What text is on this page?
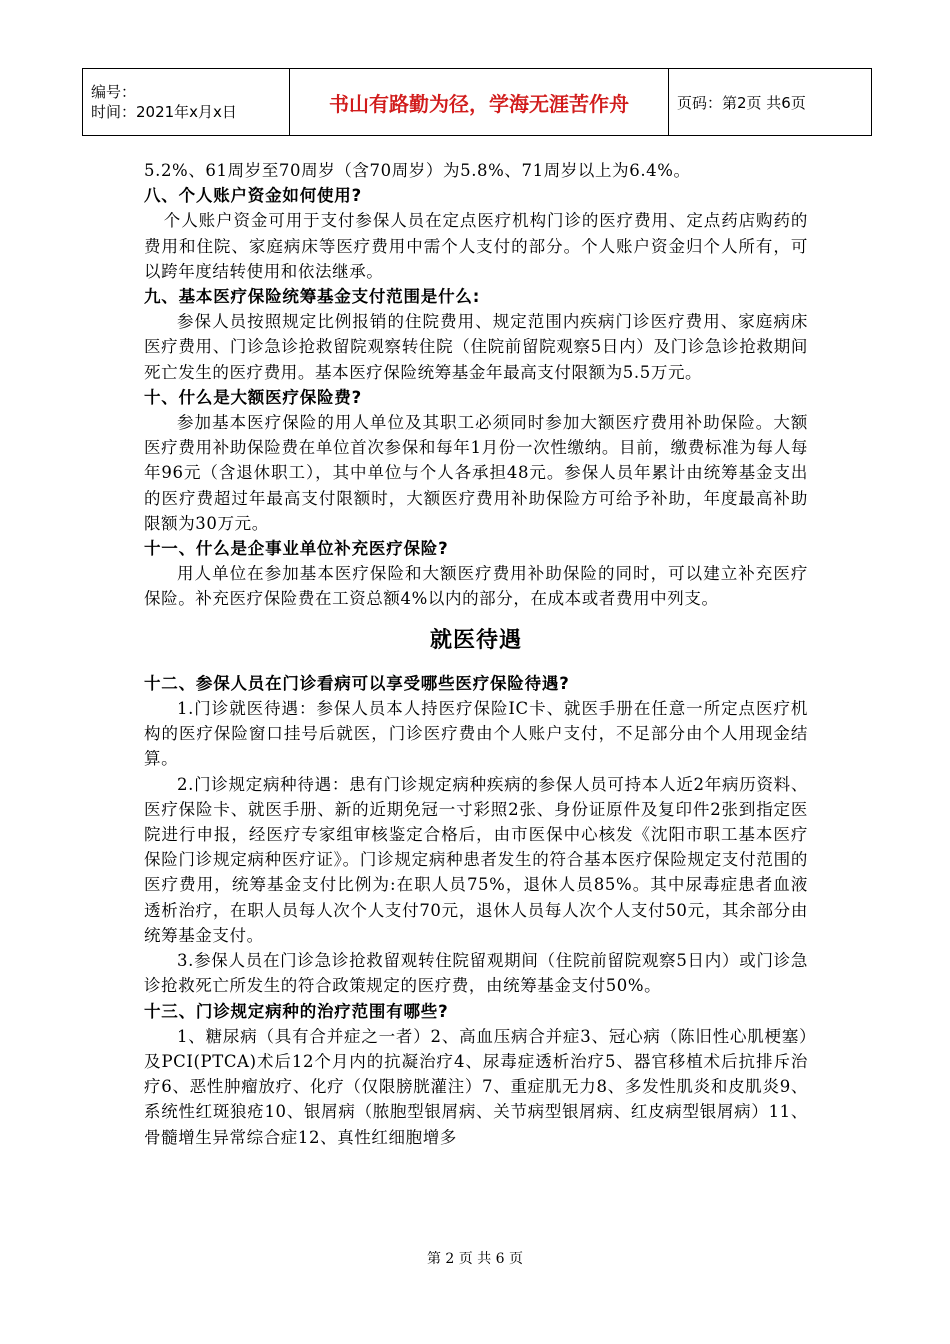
编号：
时间：2021年x月x日	书山有路勤为径，学海无涯苦作舟	页码：第2页 共6页

5.2%、61周岁至70周岁（含70周岁）为5.8%、71周岁以上为6.4%。

八、个人账户资金如何使用?

个人账户资金可用于支付参保人员在定点医疗机构门诊的医疗费用、定点药店购药的费用和住院、家庭病床等医疗费用中需个人支付的部分。个人账户资金归个人所有，可以跨年度结转使用和依法继承。

九、基本医疗保险统筹基金支付范围是什么:

参保人员按照规定比例报销的住院费用、规定范围内疾病门诊医疗费用、家庭病床医疗费用、门诊急诊抢救留院观察转住院（住院前留院观察5日内）及门诊急诊抢救期间死亡发生的医疗费用。基本医疗保险统筹基金年最高支付限额为5.5万元。

十、什么是大额医疗保险费?

参加基本医疗保险的用人单位及其职工必须同时参加大额医疗费用补助保险。大额医疗费用补助保险费在单位首次参保和每年1月份一次性缴纳。目前，缴费标准为每人每年96元（含退休职工），其中单位与个人各承担48元。参保人员年累计由统筹基金支出的医疗费超过年最高支付限额时，大额医疗费用补助保险方可给予补助，年度最高补助限额为30万元。

十一、什么是企事业单位补充医疗保险?

用人单位在参加基本医疗保险和大额医疗费用补助保险的同时，可以建立补充医疗保险。补充医疗保险费在工资总额4%以内的部分，在成本或者费用中列支。

就医待遇

十二、参保人员在门诊看病可以享受哪些医疗保险待遇?

1.门诊就医待遇：参保人员本人持医疗保险IC卡、就医手册在任意一所定点医疗机构的医疗保险窗口挂号后就医，门诊医疗费由个人账户支付，不足部分由个人用现金结算。

2.门诊规定病种待遇：患有门诊规定病种疾病的参保人员可持本人近2年病历资料、医疗保险卡、就医手册、新的近期免冠一寸彩照2张、身份证原件及复印件2张到指定医院进行申报，经医疗专家组审核鉴定合格后，由市医保中心核发《沈阳市职工基本医疗保险门诊规定病种医疗证》。门诊规定病种患者发生的符合基本医疗保险规定支付范围的医疗费用，统筹基金支付比例为:在职人员75%，退休人员85%。其中尿毒症患者血液透析治疗，在职人员每人次个人支付70元，退休人员每人次个人支付50元，其余部分由统筹基金支付。

3.参保人员在门诊急诊抢救留观转住院留观期间（住院前留院观察5日内）或门诊急诊抢救死亡所发生的符合政策规定的医疗费，由统筹基金支付50%。

十三、门诊规定病种的治疗范围有哪些?

1、糖尿病（具有合并症之一者）2、高血压病合并症3、冠心病（陈旧性心肌梗塞）及PCI(PTCA)术后12个月内的抗凝治疗4、尿毒症透析治疗5、器官移植术后抗排斥治疗6、恶性肿瘤放疗、化疗（仅限膀胱灌注）7、重症肌无力8、多发性肌炎和皮肌炎9、系统性红斑狼疮10、银屑病（脓胞型银屑病、关节病型银屑病、红皮病型银屑病）11、骨髓增生异常综合症12、真性红细胞增多

第 2 页 共 6 页
